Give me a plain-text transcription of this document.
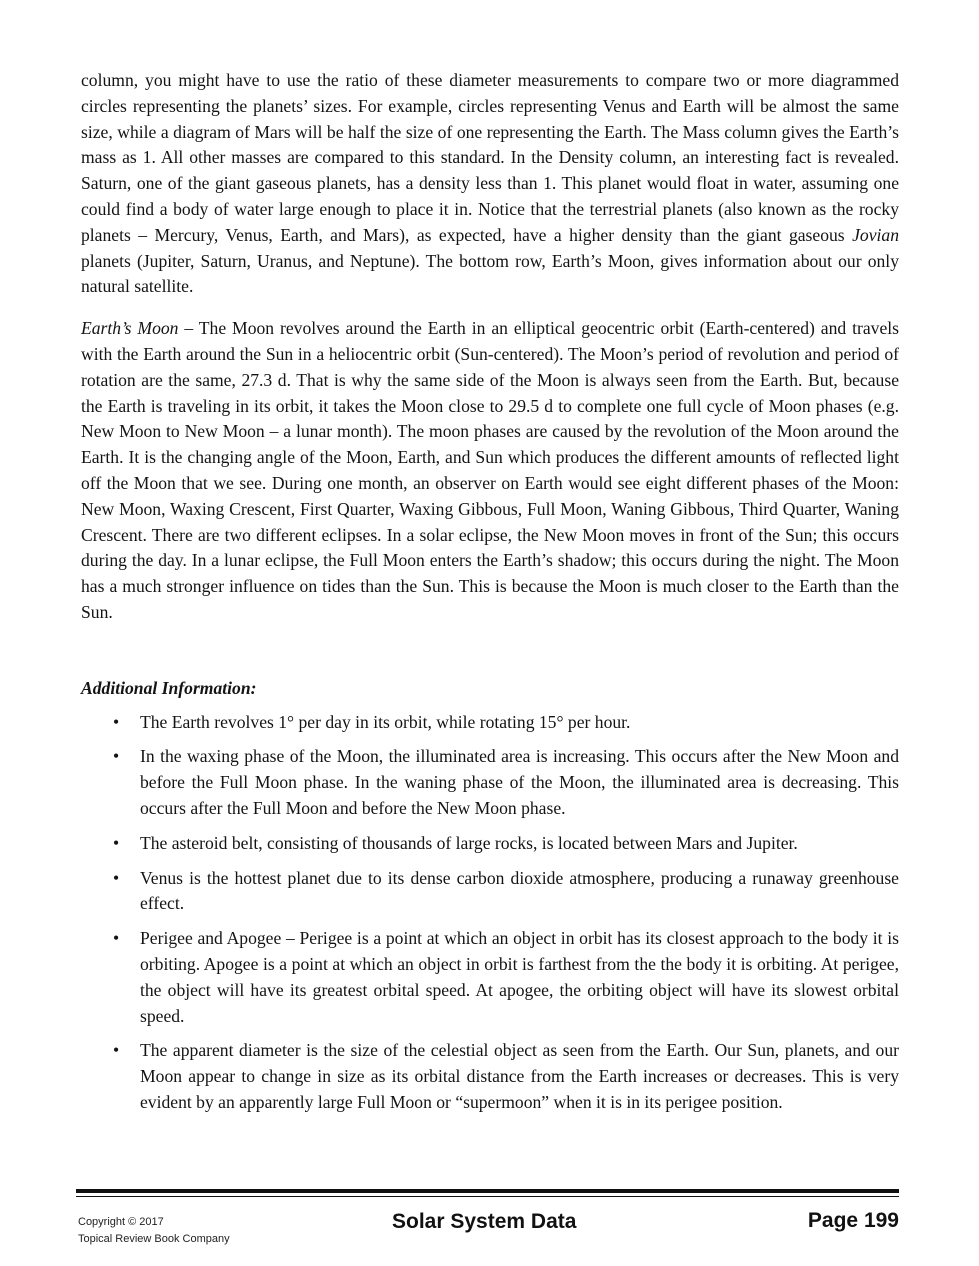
column, you might have to use the ratio of these diameter measurements to compare two or more diagrammed circles representing the planets’ sizes. For example, circles representing Venus and Earth will be almost the same size, while a diagram of Mars will be half the size of one representing the Earth. The Mass column gives the Earth’s mass as 1. All other masses are compared to this standard. In the Density column, an interesting fact is revealed. Saturn, one of the giant gaseous planets, has a density less than 1. This planet would float in water, assuming one could find a body of water large enough to place it in. Notice that the terrestrial planets (also known as the rocky planets – Mercury, Venus, Earth, and Mars), as expected, have a higher density than the giant gaseous Jovian planets (Jupiter, Saturn, Uranus, and Neptune). The bottom row, Earth’s Moon, gives information about our only natural satellite.

Earth’s Moon – The Moon revolves around the Earth in an elliptical geocentric orbit (Earth-centered) and travels with the Earth around the Sun in a heliocentric orbit (Sun-centered). The Moon’s period of revolution and period of rotation are the same, 27.3 d. That is why the same side of the Moon is always seen from the Earth. But, because the Earth is traveling in its orbit, it takes the Moon close to 29.5 d to complete one full cycle of Moon phases (e.g. New Moon to New Moon – a lunar month). The moon phases are caused by the revolution of the Moon around the Earth. It is the changing angle of the Moon, Earth, and Sun which produces the different amounts of reflected light off the Moon that we see. During one month, an observer on Earth would see eight different phases of the Moon: New Moon, Waxing Crescent, First Quarter, Waxing Gibbous, Full Moon, Waning Gibbous, Third Quarter, Waning Crescent. There are two different eclipses. In a solar eclipse, the New Moon moves in front of the Sun; this occurs during the day. In a lunar eclipse, the Full Moon enters the Earth’s shadow; this occurs during the night. The Moon has a much stronger influence on tides than the Sun. This is because the Moon is much closer to the Earth than the Sun.

Additional Information:
• The Earth revolves 1° per day in its orbit, while rotating 15° per hour.
• In the waxing phase of the Moon, the illuminated area is increasing. This occurs after the New Moon and before the Full Moon phase. In the waning phase of the Moon, the illuminated area is decreasing. This occurs after the Full Moon and before the New Moon phase.
• The asteroid belt, consisting of thousands of large rocks, is located between Mars and Jupiter.
• Venus is the hottest planet due to its dense carbon dioxide atmosphere, producing a runaway greenhouse effect.
• Perigee and Apogee – Perigee is a point at which an object in orbit has its closest approach to the body it is orbiting. Apogee is a point at which an object in orbit is farthest from the the body it is orbiting. At perigee, the object will have its greatest orbital speed. At apogee, the orbiting object will have its slowest orbital speed.
• The apparent diameter is the size of the celestial object as seen from the Earth. Our Sun, planets, and our Moon appear to change in size as its orbital distance from the Earth increases or decreases. This is very evident by an apparently large Full Moon or “supermoon” when it is in its perigee position.
Copyright © 2017
Topical Review Book Company
Solar System Data	Page 199
